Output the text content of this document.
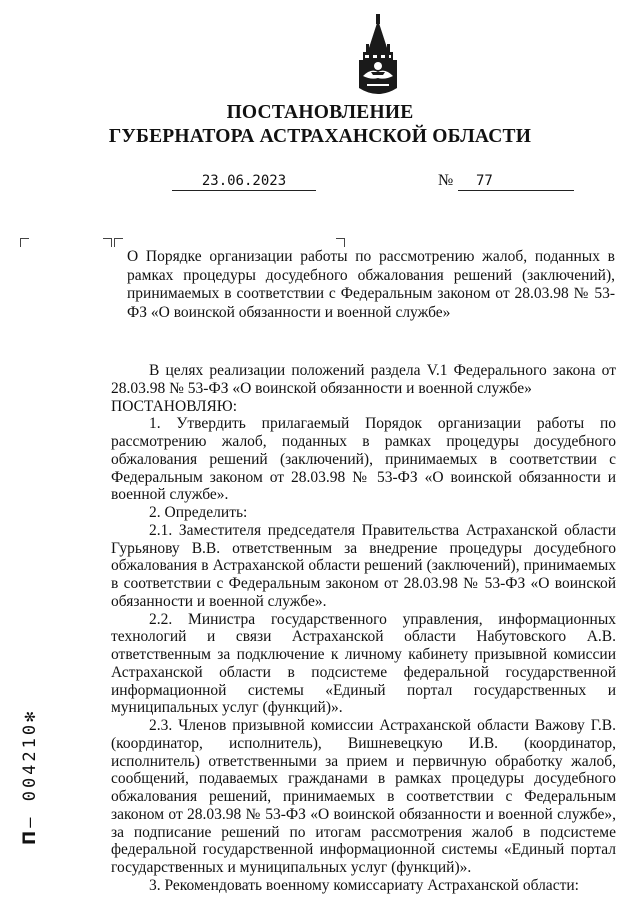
ПОСТАНОВЛЕНИЕ
ГУБЕРНАТОРА АСТРАХАНСКОЙ ОБЛАСТИ
23.06.2023	№	77
О Порядке организации работы по рассмотрению жалоб, поданных в рамках процедуры досудебного обжалования решений (заключений), принимаемых в соответствии с Федеральным законом от 28.03.98 № 53-ФЗ «О воинской обязанности и военной службе»

В целях реализации положений раздела V.1 Федерального закона от 28.03.98 № 53-ФЗ «О воинской обязанности и военной службе»

ПОСТАНОВЛЯЮ:

1. Утвердить прилагаемый Порядок организации работы по рассмотрению жалоб, поданных в рамках процедуры досудебного обжалования решений (заключений), принимаемых в соответствии с Федеральным законом от 28.03.98 № 53-ФЗ «О воинской обязанности и военной службе».

2. Определить:

2.1. Заместителя председателя Правительства Астраханской области Гурьянову В.В. ответственным за внедрение процедуры досудебного обжалования в Астраханской области решений (заключений), принимаемых в соответствии с Федеральным законом от 28.03.98 № 53-ФЗ «О воинской обязанности и военной службе».

2.2. Министра государственного управления, информационных технологий и связи Астраханской области Набутовского А.В. ответственным за подключение к личному кабинету призывной комиссии Астраханской области в подсистеме федеральной государственной информационной системы «Единый портал государственных и муниципальных услуг (функций)».

2.3. Членов призывной комиссии Астраханской области Важову Г.В. (координатор, исполнитель), Вишневецкую И.В. (координатор, исполнитель) ответственными за прием и первичную обработку жалоб, сообщений, подаваемых гражданами в рамках процедуры досудебного обжалования решений, принимаемых в соответствии с Федеральным законом от 28.03.98 № 53-ФЗ «О воинской обязанности и военной службе», за подписание решений по итогам рассмотрения жалоб в подсистеме федеральной государственной информационной системы «Единый портал государственных и муниципальных услуг (функций)».

3. Рекомендовать военному комиссариату Астраханской области:

П– 004210✻
